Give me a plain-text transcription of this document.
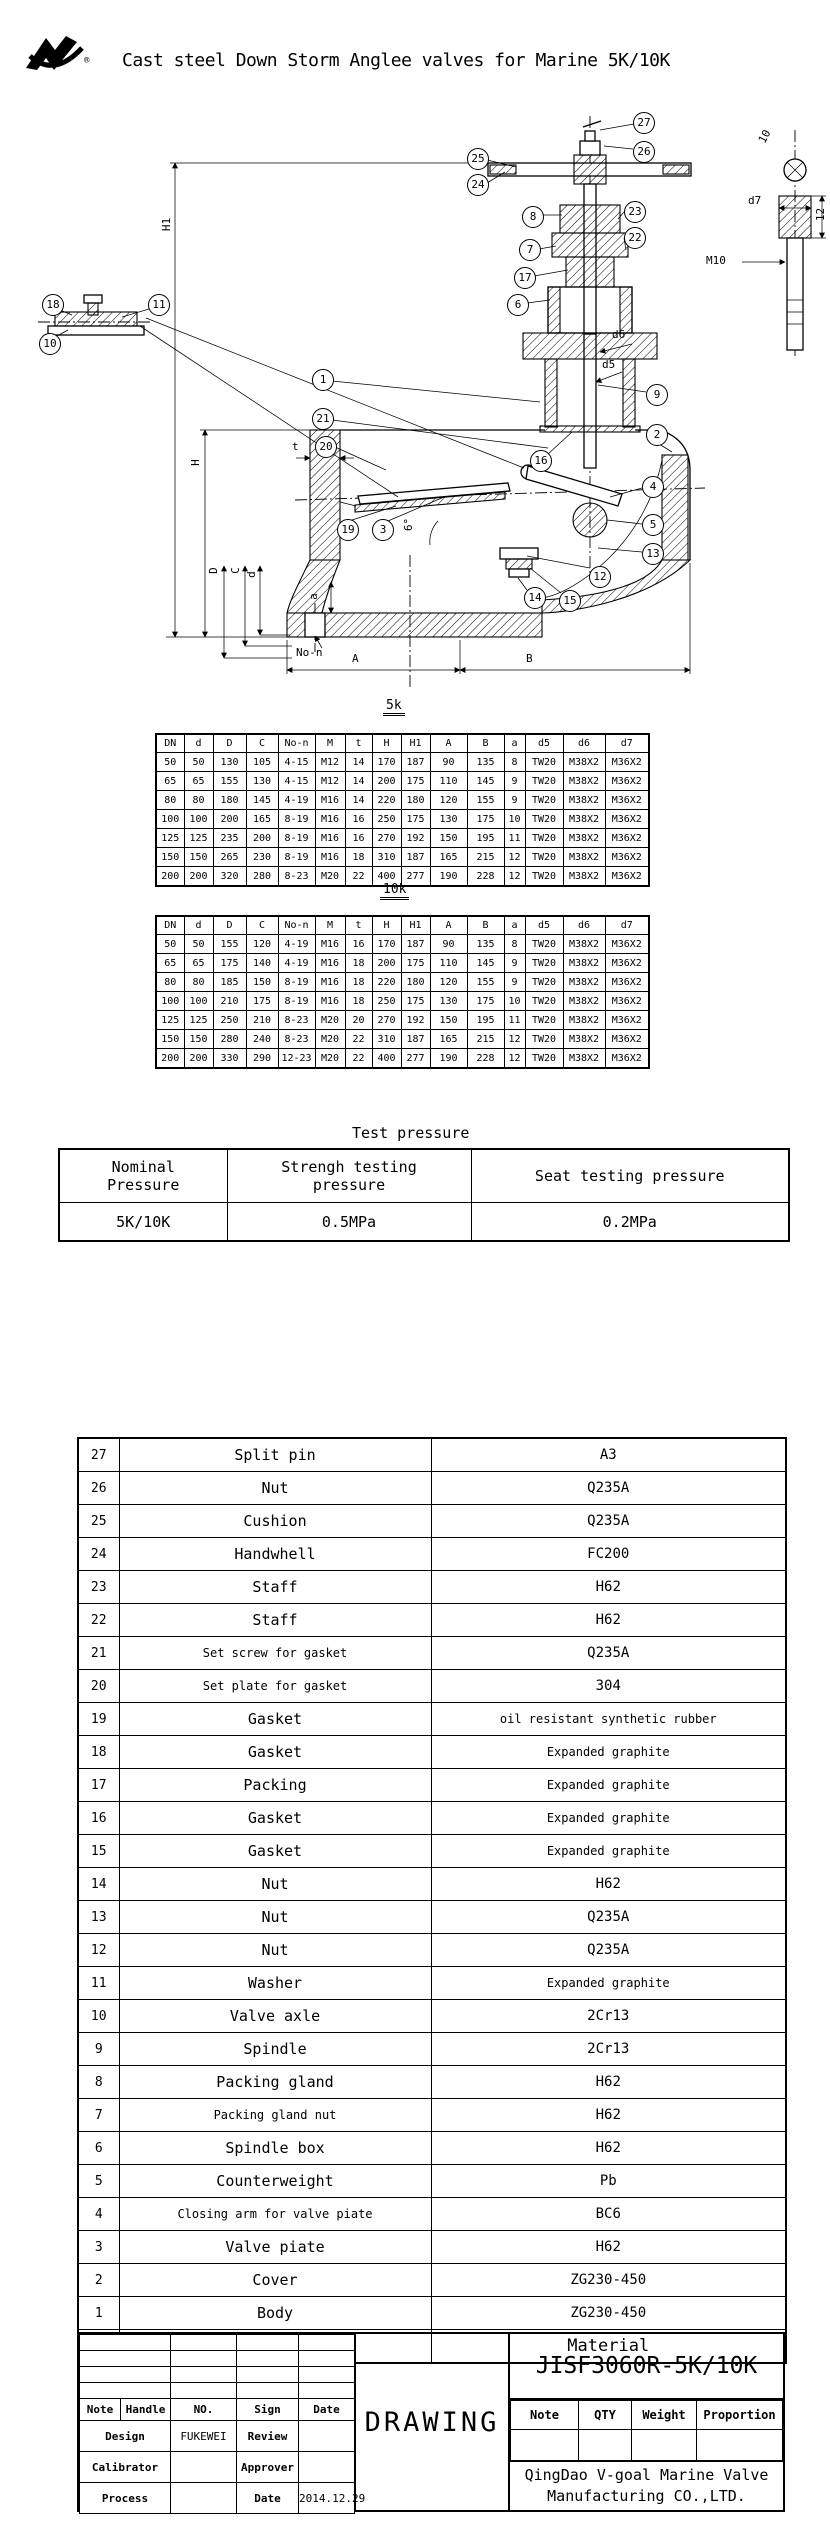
® Cast steel Down Storm Anglee valves for Marine 5K/10K
27
26
25
24
23
22
8
7
17
6
18	11
10
9
2
1
21
20
19	3
16
4
5
13
14	15
12
H1
H
D C
d
t
a
No-n	A	B
d5
d6
d7
M10
6°
12
10
5k
DN	d	D	C	No-n	M	t	H	H1	A	B	a	d5	d6	d7
50	50	130	105	4-15	M12	14	170	187	90	135	8	TW20	M38X2	M36X2
65	65	155	130	4-15	M12	14	200	175	110	145	9	TW20	M38X2	M36X2
80	80	180	145	4-19	M16	14	220	180	120	155	9	TW20	M38X2	M36X2
100	100	200	165	8-19	M16	16	250	175	130	175	10	TW20	M38X2	M36X2
125	125	235	200	8-19	M16	16	270	192	150	195	11	TW20	M38X2	M36X2
150	150	265	230	8-19	M16	18	310	187	165	215	12	TW20	M38X2	M36X2
200	200	320	280	8-23	M20	22	400	277	190	228	12	TW20	M38X2	M36X2
10k
DN	d	D	C	No-n	M	t	H	H1	A	B	a	d5	d6	d7
50	50	155	120	4-19	M16	16	170	187	90	135	8	TW20	M38X2	M36X2
65	65	175	140	4-19	M16	18	200	175	110	145	9	TW20	M38X2	M36X2
80	80	185	150	8-19	M16	18	220	180	120	155	9	TW20	M38X2	M36X2
100	100	210	175	8-19	M16	18	250	175	130	175	10	TW20	M38X2	M36X2
125	125	250	210	8-23	M20	20	270	192	150	195	11	TW20	M38X2	M36X2
150	150	280	240	8-23	M20	22	310	187	165	215	12	TW20	M38X2	M36X2
200	200	330	290	12-23	M20	22	400	277	190	228	12	TW20	M38X2	M36X2
Test pressure
Nominal Pressure	Strengh testing pressure	Seat testing pressure
5K/10K	0.5MPa	0.2MPa
27	Split pin	A3
26	Nut	Q235A
25	Cushion	Q235A
24	Handwhell	FC200
23	Staff	H62
22	Staff	H62
21	Set screw for gasket	Q235A
20	Set plate for gasket	304
19	Gasket	oil resistant synthetic rubber
18	Gasket	Expanded graphite
17	Packing	Expanded graphite
16	Gasket	Expanded graphite
15	Gasket	Expanded graphite
14	Nut	H62
13	Nut	Q235A
12	Nut	Q235A
11	Washer	Expanded graphite
10	Valve axle	2Cr13
9	Spindle	2Cr13
8	Packing gland	H62
7	Packing gland nut	H62
6	Spindle box	H62
5	Counterweight	Pb
4	Closing arm for valve piate	BC6
3	Valve piate	H62
2	Cover	ZG230-450
1	Body	ZG230-450
		Material

Note	Handle	NO.	Sign	Date
Design		FUKEWEI	Review	
Calibrator			Approver	
Process			Date	2014.12.29
DRAWING
JISF3060R-5K/10K
Note	QTY	Weight	Proportion

QingDao V-goal Marine Valve
Manufacturing CO.,LTD.
